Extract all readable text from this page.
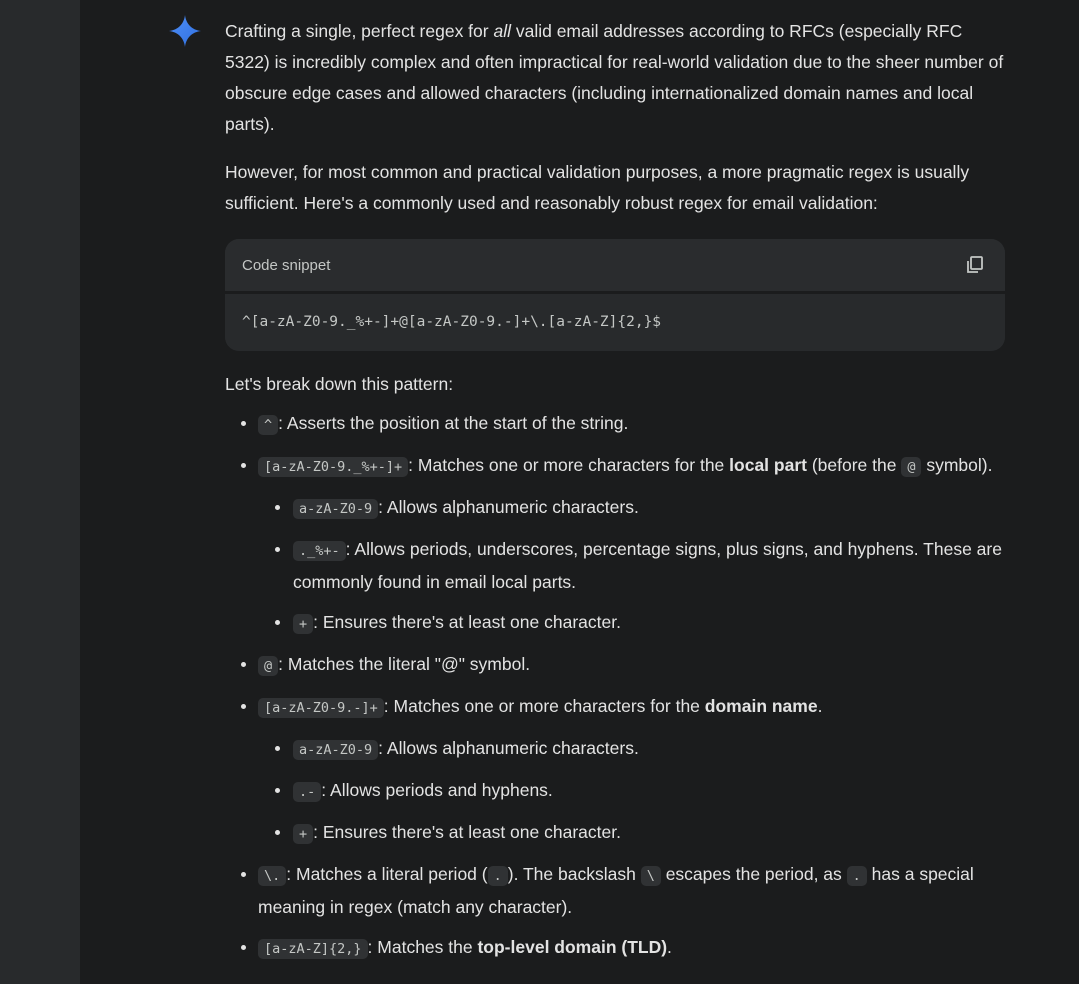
Crafting a single, perfect regex for all valid email addresses according to RFCs (especially RFC 5322) is incredibly complex and often impractical for real-world validation due to the sheer number of obscure edge cases and allowed characters (including internationalized domain names and local parts).

However, for most common and practical validation purposes, a more pragmatic regex is usually sufficient. Here's a commonly used and reasonably robust regex for email validation:

Code snippet
^[a-zA-Z0-9._%+-]+@[a-zA-Z0-9.-]+\.[a-zA-Z]{2,}$

Let's break down this pattern:

^ : Asserts the position at the start of the string.
[a-zA-Z0-9._%+-]+ : Matches one or more characters for the local part (before the @ symbol).
a-zA-Z0-9 : Allows alphanumeric characters.
._%+- : Allows periods, underscores, percentage signs, plus signs, and hyphens. These are commonly found in email local parts.
+ : Ensures there's at least one character.
@ : Matches the literal "@" symbol.
[a-zA-Z0-9.-]+ : Matches one or more characters for the domain name.
a-zA-Z0-9 : Allows alphanumeric characters.
.- : Allows periods and hyphens.
+ : Ensures there's at least one character.
\. : Matches a literal period ( . ). The backslash \ escapes the period, as . has a special meaning in regex (match any character).
[a-zA-Z]{2,} : Matches the top-level domain (TLD).
